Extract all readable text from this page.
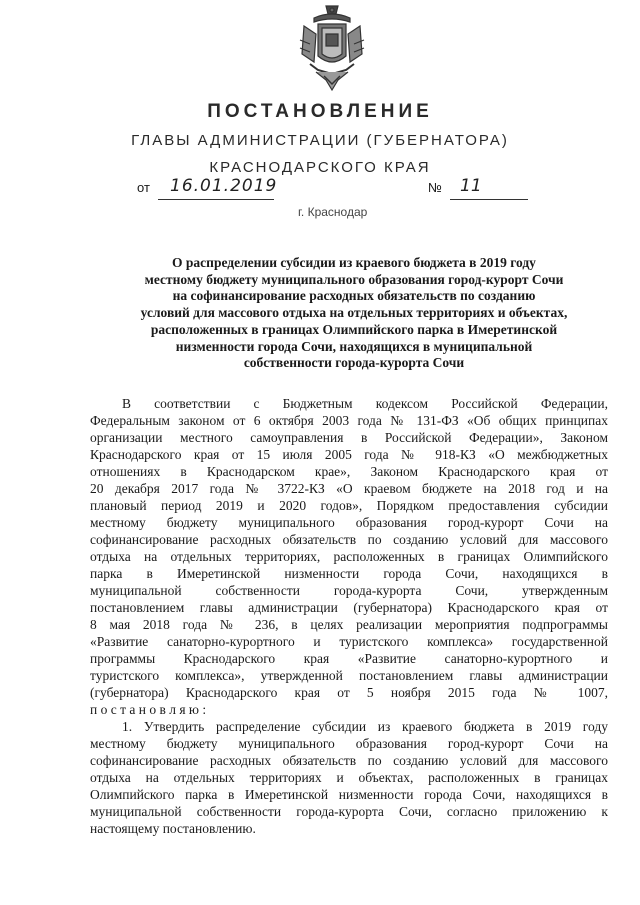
ПОСТАНОВЛЕНИЕ
ГЛАВЫ АДМИНИСТРАЦИИ (ГУБЕРНАТОРА)
КРАСНОДАРСКОГО КРАЯ
от 16.01.2019	№ 11
г. Краснодар
О распределении субсидии из краевого бюджета в 2019 году
местному бюджету муниципального образования город-курорт Сочи
на софинансирование расходных обязательств по созданию
условий для массового отдыха на отдельных территориях и объектах,
расположенных в границах Олимпийского парка в Имеретинской
низменности города Сочи, находящихся в муниципальной
собственности города-курорта Сочи
В соответствии с Бюджетным кодексом Российской Федерации,
Федеральным законом от 6 октября 2003 года № 131-ФЗ «Об общих принципах
организации местного самоуправления в Российской Федерации», Законом
Краснодарского края от 15 июля 2005 года № 918-КЗ «О межбюджетных
отношениях в Краснодарском крае», Законом Краснодарского края от
20 декабря 2017 года № 3722-КЗ «О краевом бюджете на 2018 год и на
плановый период 2019 и 2020 годов», Порядком предоставления субсидии
местному бюджету муниципального образования город-курорт Сочи на
софинансирование расходных обязательств по созданию условий для массового
отдыха на отдельных территориях, расположенных в границах Олимпийского
парка в Имеретинской низменности города Сочи, находящихся в
муниципальной собственности города-курорта Сочи, утвержденным
постановлением главы администрации (губернатора) Краснодарского края от
8 мая 2018 года № 236, в целях реализации мероприятия подпрограммы
«Развитие санаторно-курортного и туристского комплекса» государственной
программы Краснодарского края «Развитие санаторно-курортного и
туристского комплекса», утвержденной постановлением главы администрации
(губернатора) Краснодарского края от 5 ноября 2015 года № 1007,
п о с т а н о в л я ю :
1. Утвердить распределение субсидии из краевого бюджета в 2019 году
местному бюджету муниципального образования город-курорт Сочи на
софинансирование расходных обязательств по созданию условий для массового
отдыха на отдельных территориях и объектах, расположенных в границах
Олимпийского парка в Имеретинской низменности города Сочи, находящихся в
муниципальной собственности города-курорта Сочи, согласно приложению к
настоящему постановлению.
